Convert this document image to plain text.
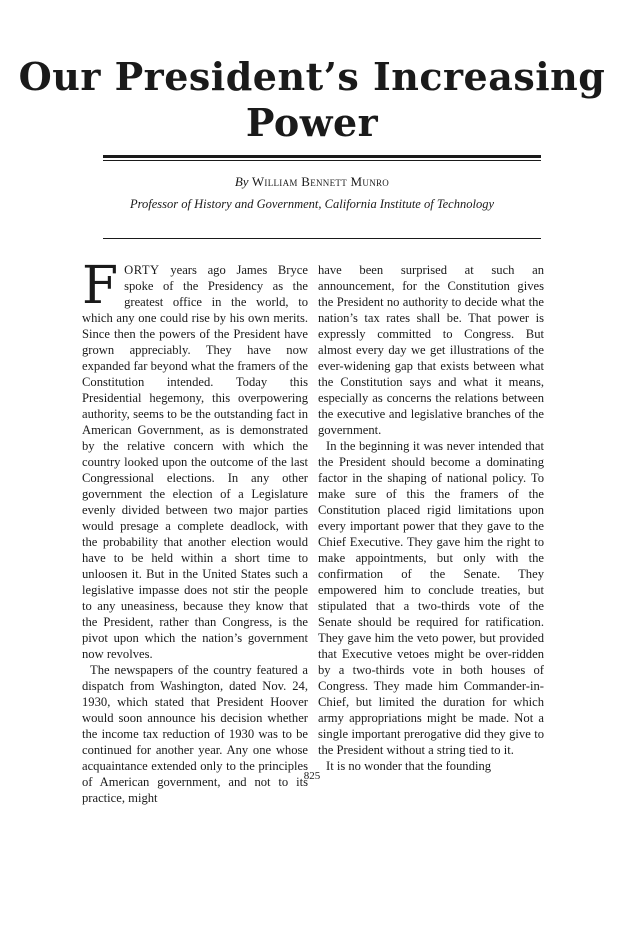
Our President’s Increasing
Power
By William Bennett Munro
Professor of History and Government, California Institute of Technology

FORTY years ago James Bryce spoke of the Presidency as the greatest office in the world, to which any one could rise by his own merits. Since then the powers of the President have grown appreciably. They have now expanded far beyond what the framers of the Constitution intended. Today this Presidential hegemony, this overpowering authority, seems to be the outstanding fact in American Government, as is demonstrated by the relative concern with which the country looked upon the outcome of the last Congressional elections. In any other government the election of a Legislature evenly divided between two major parties would presage a complete deadlock, with the probability that another election would have to be held within a short time to unloosen it. But in the United States such a legislative impasse does not stir the people to any uneasiness, because they know that the President, rather than Congress, is the pivot upon which the nation’s government now revolves.

The newspapers of the country featured a dispatch from Washington, dated Nov. 24, 1930, which stated that President Hoover would soon announce his decision whether the income tax reduction of 1930 was to be continued for another year. Any one whose acquaintance extended only to the principles of American government, and not to its practice, might

have been surprised at such an announcement, for the Constitution gives the President no authority to decide what the nation’s tax rates shall be. That power is expressly committed to Congress. But almost every day we get illustrations of the ever-widening gap that exists between what the Constitution says and what it means, especially as concerns the relations between the executive and legislative branches of the government.

In the beginning it was never intended that the President should become a dominating factor in the shaping of national policy. To make sure of this the framers of the Constitution placed rigid limitations upon every important power that they gave to the Chief Executive. They gave him the right to make appointments, but only with the confirmation of the Senate. They empowered him to conclude treaties, but stipulated that a two-thirds vote of the Senate should be required for ratification. They gave him the veto power, but provided that Executive vetoes might be over-ridden by a two-thirds vote in both houses of Congress. They made him Commander-in-Chief, but limited the duration for which army appropriations might be made. Not a single important prerogative did they give to the President without a string tied to it.

It is no wonder that the founding

825
